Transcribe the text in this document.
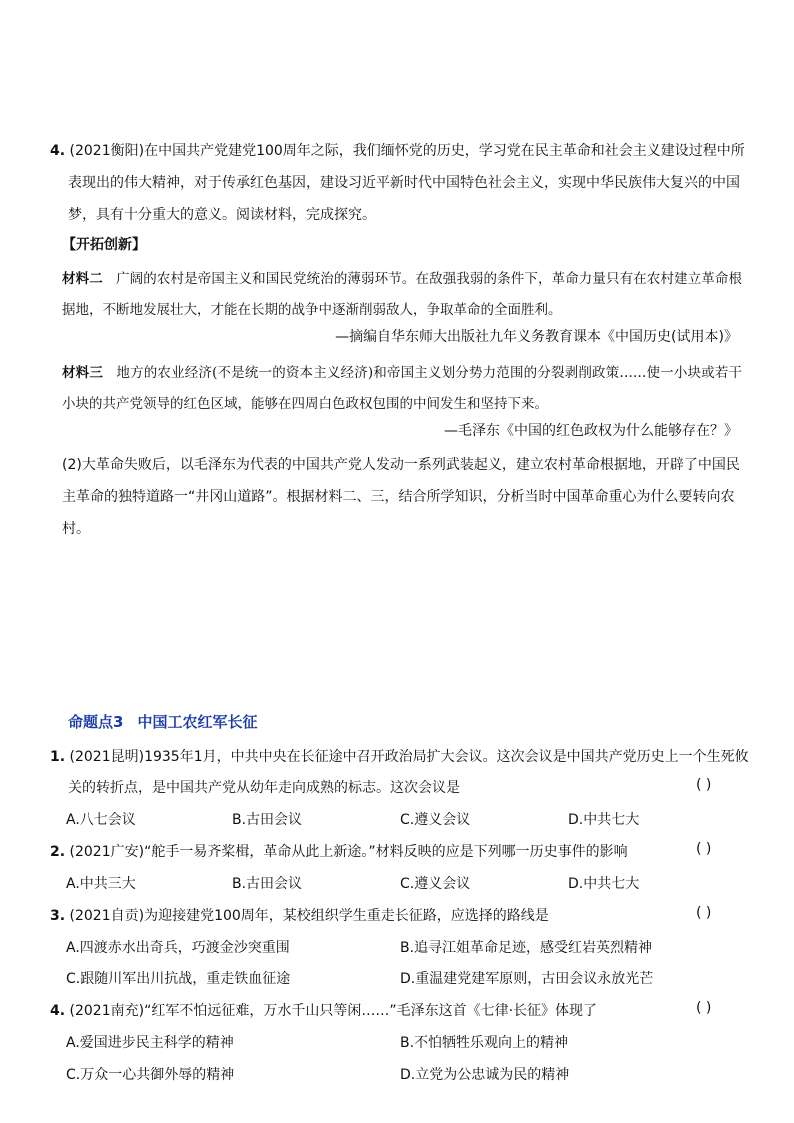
4. (2021衡阳)在中国共产党建党100周年之际，我们缅怀党的历史，学习党在民主革命和社会主义建设过程中所
表现出的伟大精神，对于传承红色基因，建设习近平新时代中国特色社会主义，实现中华民族伟大复兴的中国
梦，具有十分重大的意义。阅读材料，完成探究。
【开拓创新】
材料二 广阔的农村是帝国主义和国民党统治的薄弱环节。在敌强我弱的条件下，革命力量只有在农村建立革命根据地，不断地发展壮大，才能在长期的战争中逐渐削弱敌人，争取革命的全面胜利。
—摘编自华东师大出版社九年义务教育课本《中国历史(试用本)》
材料三 地方的农业经济(不是统一的资本主义经济)和帝国主义划分势力范围的分裂剥削政策……使一小块或若干小块的共产党领导的红色区域，能够在四周白色政权包围的中间发生和坚持下来。
—毛泽东《中国的红色政权为什么能够存在？》
(2)大革命失败后，以毛泽东为代表的中国共产党人发动一系列武装起义，建立农村革命根据地，开辟了中国民
主革命的独特道路一“井冈山道路”。根据材料二、三，结合所学知识，分析当时中国革命重心为什么要转向农
村。
命题点3 中国工农红军长征
1. (2021昆明)1935年1月，中共中央在长征途中召开政治局扩大会议。这次会议是中国共产党历史上一个生死攸
关的转折点，是中国共产党从幼年走向成熟的标志。这次会议是	( )
A.八七会议	B.古田会议	C.遵义会议	D.中共七大
2. (2021广安)“舵手一易齐桨楫，革命从此上新途。”材料反映的应是下列哪一历史事件的影响	( )
A.中共三大	B.古田会议	C.遵义会议	D.中共七大
3. (2021自贡)为迎接建党100周年，某校组织学生重走长征路，应选择的路线是	( )
A.四渡赤水出奇兵，巧渡金沙突重围	B.追寻江姐革命足迹，感受红岩英烈精神
C.跟随川军出川抗战，重走铁血征途	D.重温建党建军原则，古田会议永放光芒
4. (2021南充)“红军不怕远征难，万水千山只等闲……”毛泽东这首《七律·长征》体现了	( )
A.爱国进步民主科学的精神	B.不怕牺牲乐观向上的精神
C.万众一心共御外辱的精神	D.立党为公忠诚为民的精神
